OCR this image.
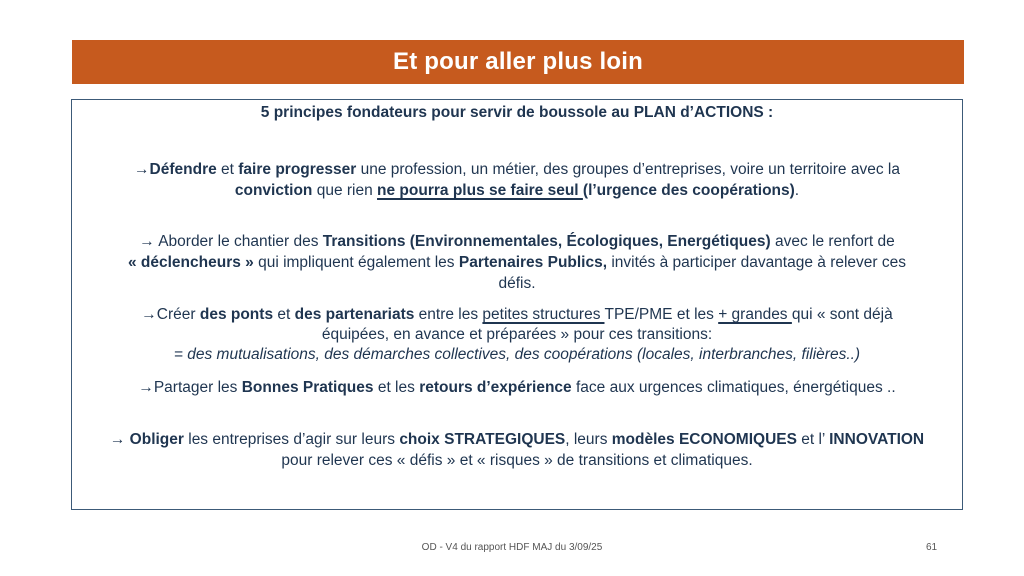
Et pour aller plus loin
5 principes fondateurs pour servir de boussole au PLAN d’ACTIONS :
→Défendre et faire progresser une profession, un métier, des groupes d’entreprises, voire un territoire avec la
conviction que rien ne pourra plus se faire seul (l’urgence des coopérations).
→ Aborder le chantier des Transitions (Environnementales, Écologiques, Energétiques) avec le renfort de
« déclencheurs » qui impliquent également les Partenaires Publics, invités à participer davantage à relever ces
défis.
→Créer des ponts et des partenariats entre les petites structures TPE/PME et les + grandes qui « sont déjà
équipées, en avance et préparées » pour ces transitions:
= des mutualisations, des démarches collectives, des coopérations (locales, interbranches, filières..)
→Partager les Bonnes Pratiques et les retours d’expérience face aux urgences climatiques, énergétiques ..
→ Obliger les entreprises d’agir sur leurs choix STRATEGIQUES, leurs modèles ECONOMIQUES et l’ INNOVATION
pour relever ces « défis » et « risques » de transitions et climatiques.
OD - V4 du rapport HDF MAJ du 3/09/25	61
